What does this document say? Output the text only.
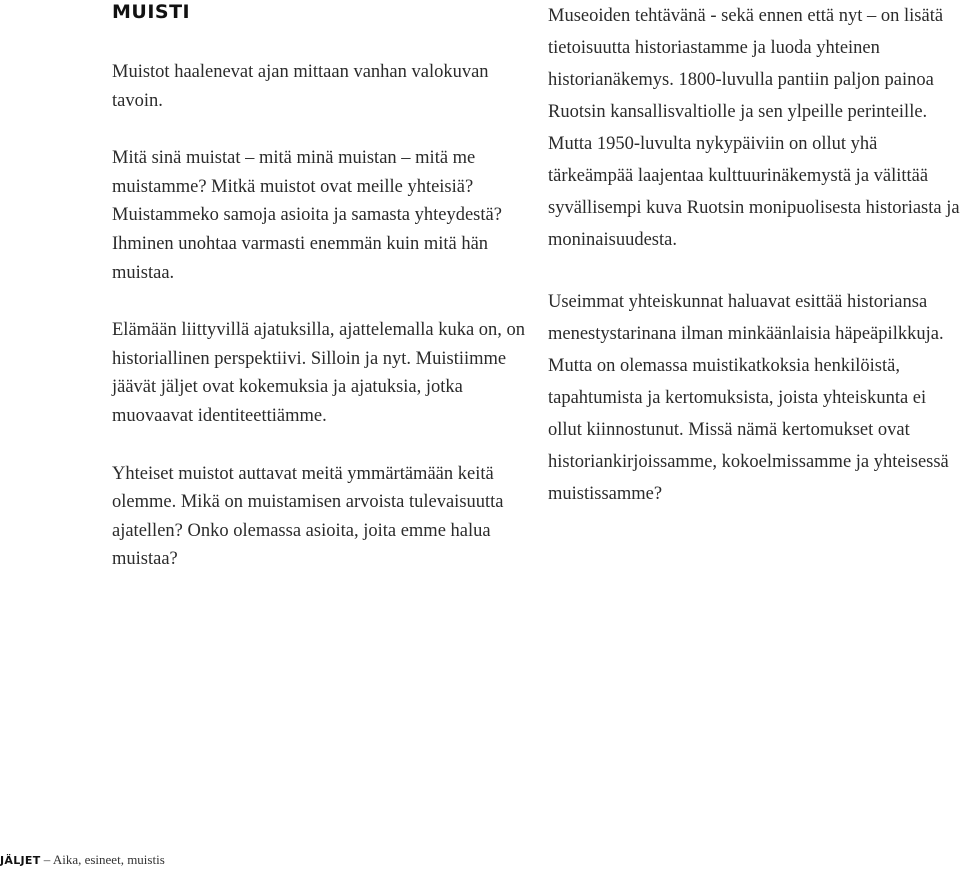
MUISTI

Muistot haalenevat ajan mittaan vanhan valokuvan tavoin.

Mitä sinä muistat – mitä minä muistan – mitä me muistamme? Mitkä muistot ovat meille yhteisiä? Muistammeko samoja asioita ja samasta yhteydestä? Ihminen unohtaa varmasti enemmän kuin mitä hän muistaa.

Elämään liittyvillä ajatuksilla, ajattelemalla kuka on, on historiallinen perspektiivi. Silloin ja nyt. Muistiimme jäävät jäljet ovat kokemuksia ja ajatuksia, jotka muovaavat identiteettiämme.

Yhteiset muistot auttavat meitä ymmärtämään keitä olemme. Mikä on muistamisen arvoista tulevaisuutta ajatellen? Onko olemassa asioita, joita emme halua muistaa?

Museoiden tehtävänä - sekä ennen että nyt – on lisätä tietoisuutta historiastamme ja luoda yhteinen historianäkemys. 1800-luvulla pantiin paljon painoa Ruotsin kansallisvaltiolle ja sen ylpeille perinteille. Mutta 1950-luvulta nykypäiviin on ollut yhä tärkeämpää laajentaa kulttuurinäkemystä ja välittää syvällisempi kuva Ruotsin monipuolisesta historiasta ja moninaisuudesta.

Useimmat yhteiskunnat haluavat esittää historiansa menestystarinana ilman minkäänlaisia häpeäpilkkuja. Mutta on olemassa muistikatkoksia henkilöistä, tapahtumista ja kertomuksista, joista yhteiskunta ei ollut kiinnostunut. Missä nämä kertomukset ovat historiankirjoissamme, kokoelmissamme ja yhteisessä muistissamme?

JÄLJET – Aika, esineet, muistis
